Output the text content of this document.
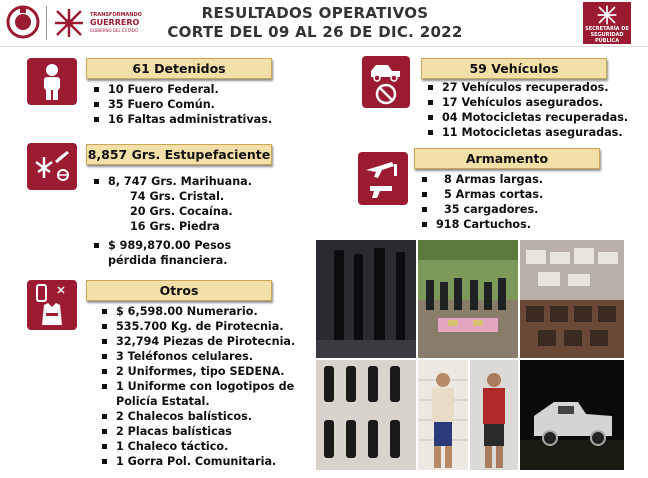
TRANSFORMANDO
GUERRERO
GOBIERNO DEL ESTADO
RESULTADOS OPERATIVOS
CORTE DEL 09 AL 26 DE DIC. 2022	SECRETARÍA DE SEGURIDAD PÚBLICA
61 Detenidos
10 Fuero Federal.
35 Fuero Común.
16 Faltas administrativas.
8,857 Grs. Estupefaciente
8, 747 Grs. Marihuana.
74 Grs. Cristal.
20 Grs. Cocaína.
16 Grs. Piedra
$ 989,870.00 Pesos
pérdida financiera.
Otros
$ 6,598.00 Numerario.
535.700 Kg. de Pirotecnia.
32,794 Piezas de Pirotecnia.
3 Teléfonos celulares.
2 Uniformes, tipo SEDENA.
1 Uniforme con logotipos de
Policía Estatal.
2 Chalecos balísticos.
2 Placas balísticas
1 Chaleco táctico.
1 Gorra Pol. Comunitaria.
59 Vehículos
27 Vehículos recuperados.
17 Vehículos asegurados.
04 Motocicletas recuperadas.
11 Motocicletas aseguradas.
Armamento
8 Armas largas.
5 Armas cortas.
35 cargadores.
918 Cartuchos.
